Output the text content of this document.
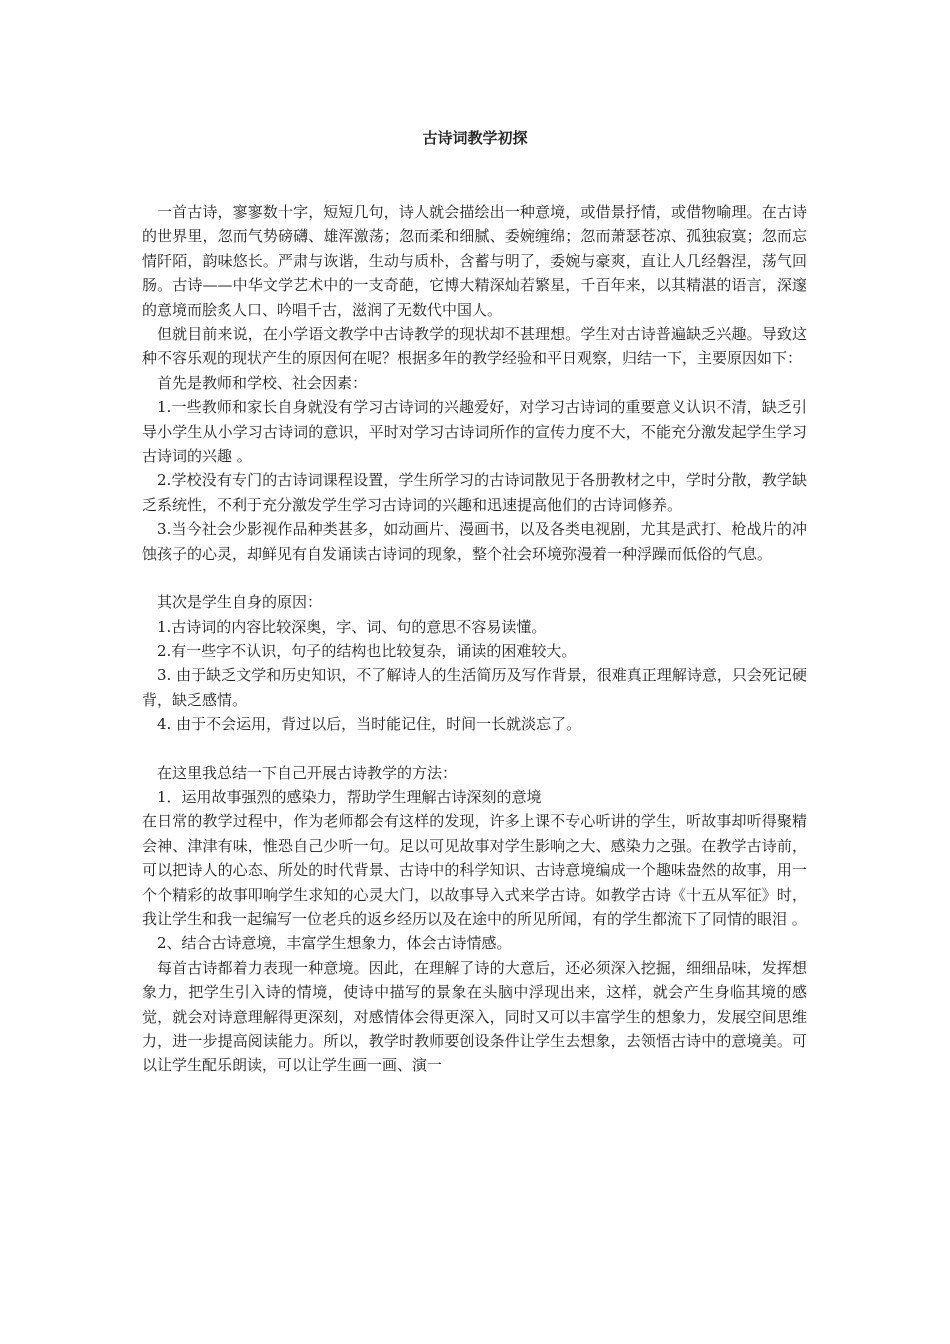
古诗词教学初探

一首古诗，寥寥数十字，短短几句，诗人就会描绘出一种意境，或借景抒情，或借物喻理。在古诗的世界里，忽而气势磅礴、雄浑激荡；忽而柔和细腻、委婉缠绵；忽而萧瑟苍凉、孤独寂寞；忽而忘情阡陌，韵味悠长。严肃与诙谐，生动与质朴，含蓄与明了，委婉与豪爽，直让人几经磐涅，荡气回肠。古诗——中华文学艺术中的一支奇葩，它博大精深灿若繁星，千百年来，以其精湛的语言，深邃的意境而脍炙人口、吟唱千古，滋润了无数代中国人。

但就目前来说，在小学语文教学中古诗教学的现状却不甚理想。学生对古诗普遍缺乏兴趣。导致这种不容乐观的现状产生的原因何在呢？根据多年的教学经验和平日观察，归结一下，主要原因如下：

首先是教师和学校、社会因素：

1.一些教师和家长自身就没有学习古诗词的兴趣爱好，对学习古诗词的重要意义认识不清，缺乏引导小学生从小学习古诗词的意识，平时对学习古诗词所作的宣传力度不大，不能充分激发起学生学习古诗词的兴趣 。

2.学校没有专门的古诗词课程设置，学生所学习的古诗词散见于各册教材之中，学时分散，教学缺乏系统性，不利于充分激发学生学习古诗词的兴趣和迅速提高他们的古诗词修养。

3.当今社会少影视作品种类甚多，如动画片、漫画书，以及各类电视剧，尤其是武打、枪战片的冲蚀孩子的心灵，却鲜见有自发诵读古诗词的现象，整个社会环境弥漫着一种浮躁而低俗的气息。

其次是学生自身的原因：

1.古诗词的内容比较深奥，字、词、句的意思不容易读懂。

2.有一些字不认识，句子的结构也比较复杂，诵读的困难较大。

3. 由于缺乏文学和历史知识，不了解诗人的生活简历及写作背景，很难真正理解诗意，只会死记硬背，缺乏感情。

4. 由于不会运用，背过以后，当时能记住，时间一长就淡忘了。

在这里我总结一下自己开展古诗教学的方法：

1．运用故事强烈的感染力，帮助学生理解古诗深刻的意境

在日常的教学过程中，作为老师都会有这样的发现，许多上课不专心听讲的学生，听故事却听得聚精会神、津津有味，惟恐自己少听一句。足以可见故事对学生影响之大、感染力之强。在教学古诗前，可以把诗人的心态、所处的时代背景、古诗中的科学知识、古诗意境编成一个趣味盎然的故事，用一个个精彩的故事叩响学生求知的心灵大门，以故事导入式来学古诗。如教学古诗《十五从军征》时，我让学生和我一起编写一位老兵的返乡经历以及在途中的所见所闻，有的学生都流下了同情的眼泪 。

2、结合古诗意境，丰富学生想象力，体会古诗情感。

每首古诗都着力表现一种意境。因此，在理解了诗的大意后，还必须深入挖掘，细细品味，发挥想象力，把学生引入诗的情境，使诗中描写的景象在头脑中浮现出来，这样，就会产生身临其境的感觉，就会对诗意理解得更深刻，对感情体会得更深入，同时又可以丰富学生的想象力，发展空间思维力，进一步提高阅读能力。所以，教学时教师要创设条件让学生去想象，去领悟古诗中的意境美。可以让学生配乐朗读，可以让学生画一画、演一
